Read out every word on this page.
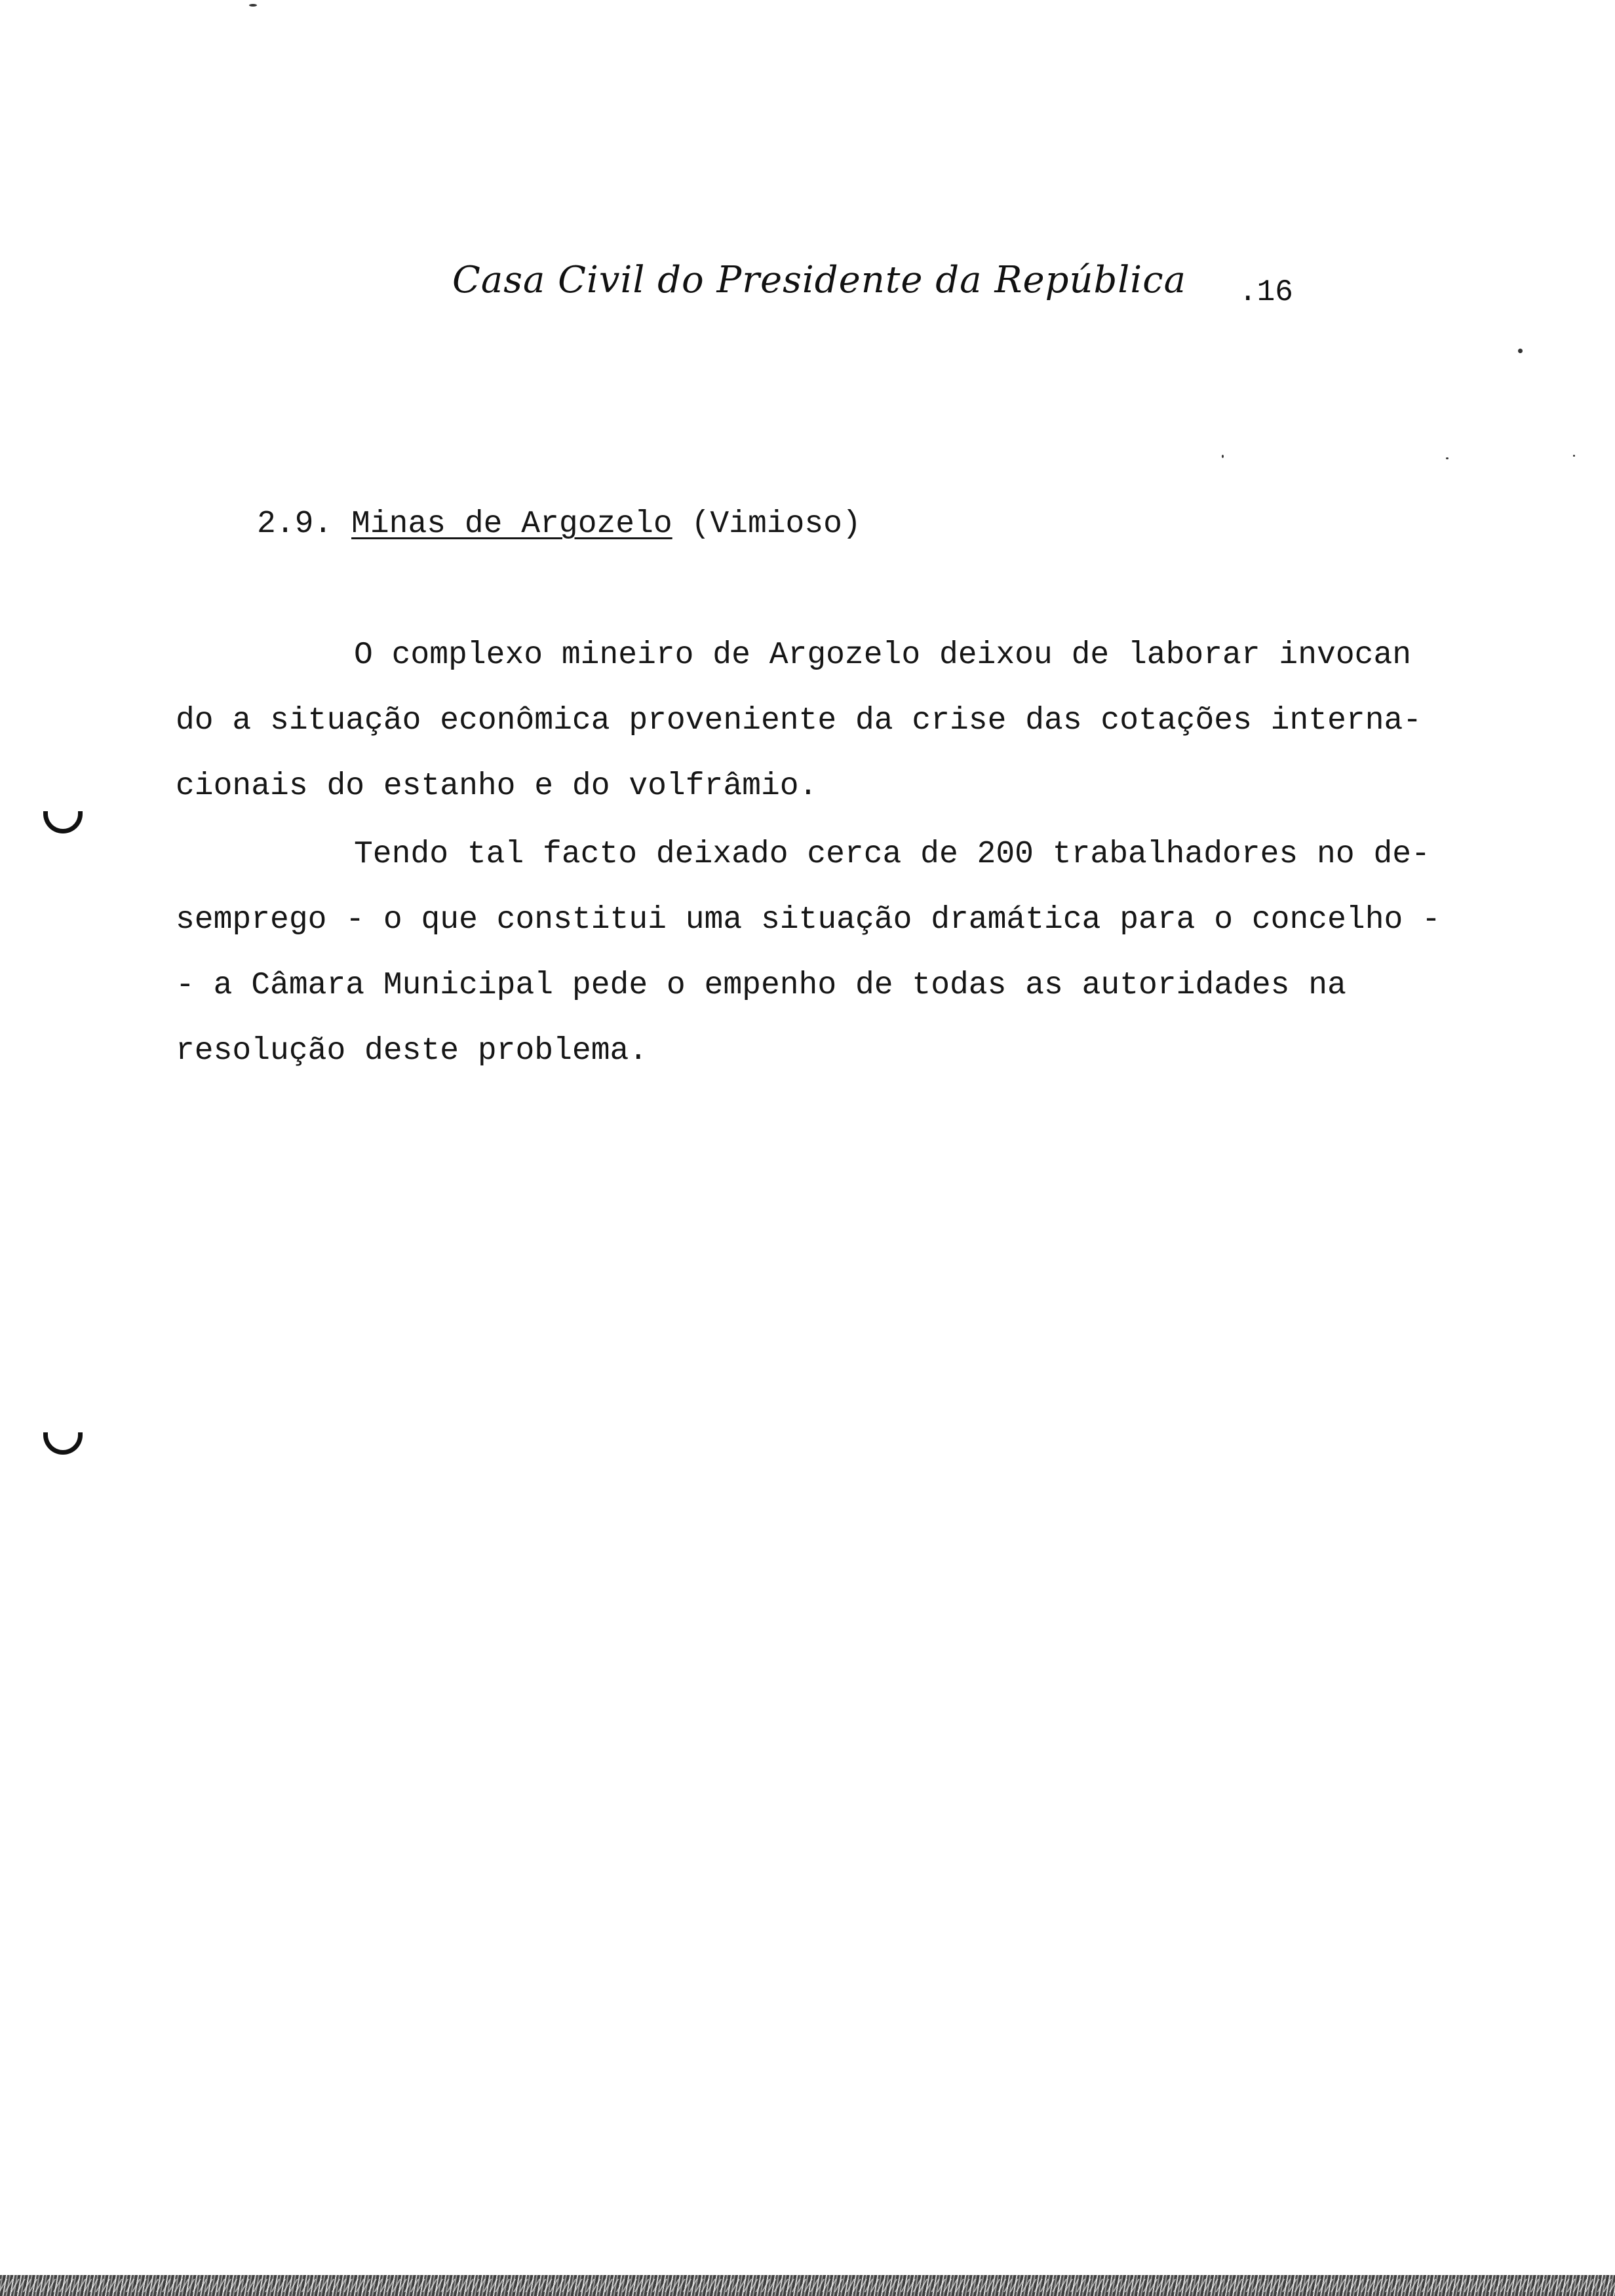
Casa Civil do Presidente da República .16
2.9. Minas de Argozelo (Vimioso)
O complexo mineiro de Argozelo deixou de laborar invocan
do a situação econômica proveniente da crise das cotações interna-
cionais do estanho e do volfrâmio.
Tendo tal facto deixado cerca de 200 trabalhadores no de-
semprego - o que constitui uma situação dramática para o concelho -
- a Câmara Municipal pede o empenho de todas as autoridades na
resolução deste problema.
